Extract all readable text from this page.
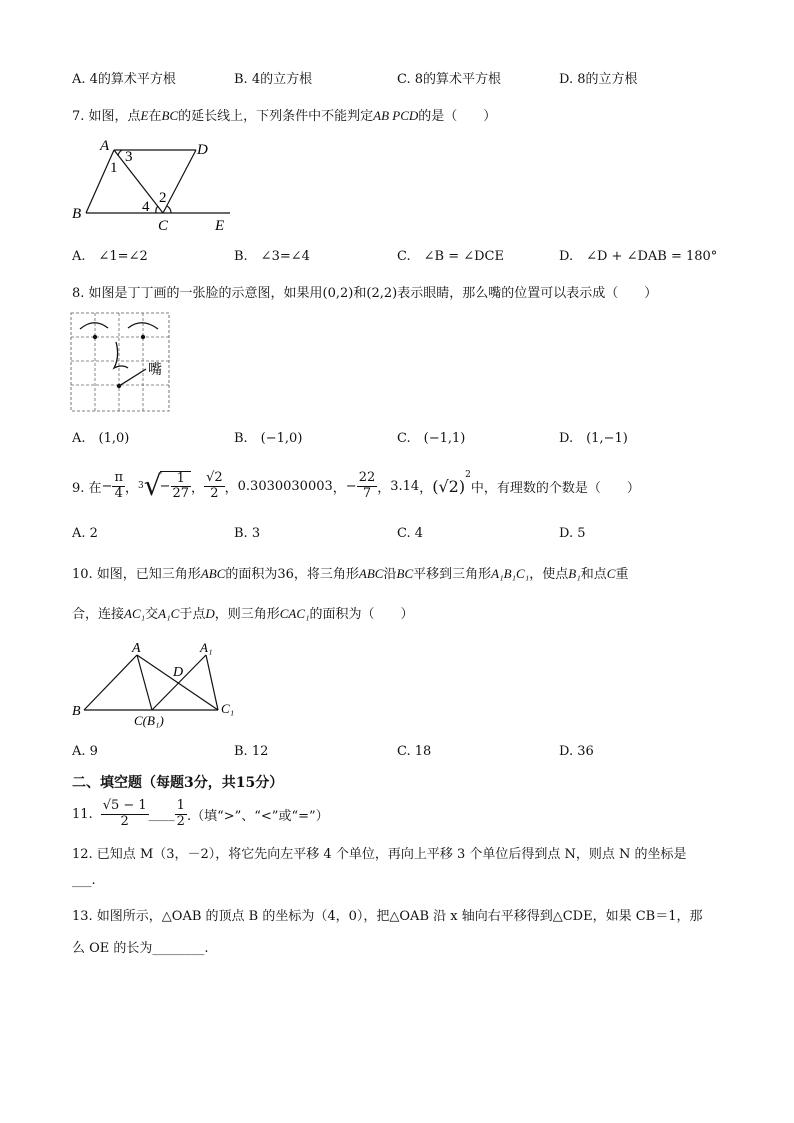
A. 4的算术平方根	B. 4的立方根	C. 8的算术平方根	D. 8的立方根
7. 如图，点E在BC的延长线上，下列条件中不能判定AB PCD的是（　　）
A	D
B
C	E
1
2
3
4
A.　∠1=∠2	B.　∠3=∠4	C.　∠B = ∠DCE	D.　∠D + ∠DAB = 180°
8. 如图是丁丁画的一张脸的示意图，如果用(0,2)和(2,2)表示眼睛，那么嘴的位置可以表示成（　　）
嘴
A.　(1,0)	B.　(−1,0)	C.　(−1,1)	D.　(1,−1)
9. 在 − $\frac{\pi}{4}$ ， 3 √
− $\frac{1}{27}$ ， $\frac{√2}{2}$ ， 0.3030030003 ， − $\frac{22}{7}$ ， 3.14 ， (√2)
$^2$
中，有理数的个数是（　　）
A. 2	B. 3	C. 4	D. 5
10. 如图，已知三角形ABC的面积为36，将三角形ABC沿BC平移到三角形A₁B₁C₁，使点B₁和点C重
合，连接AC₁交A₁C于点D，则三角形CAC₁的面积为（　　）
A	A₁
D
B
C(B₁)
C₁
A. 9	B. 12	C. 18	D. 36
二、填空题（每题3分，共15分）
11. $\frac{√5 - 1}{2}$ ____ $\frac{1}{2}$ .（填“>”、“<”或“=”）
12. 已知点 M（3，－2），将它先向左平移 4 个单位，再向上平移 3 个单位后得到点 N，则点 N 的坐标是
___.
13. 如图所示，△OAB 的顶点 B 的坐标为（4，0），把△OAB 沿 x 轴向右平移得到△CDE，如果 CB＝1，那
么 OE 的长为________.
